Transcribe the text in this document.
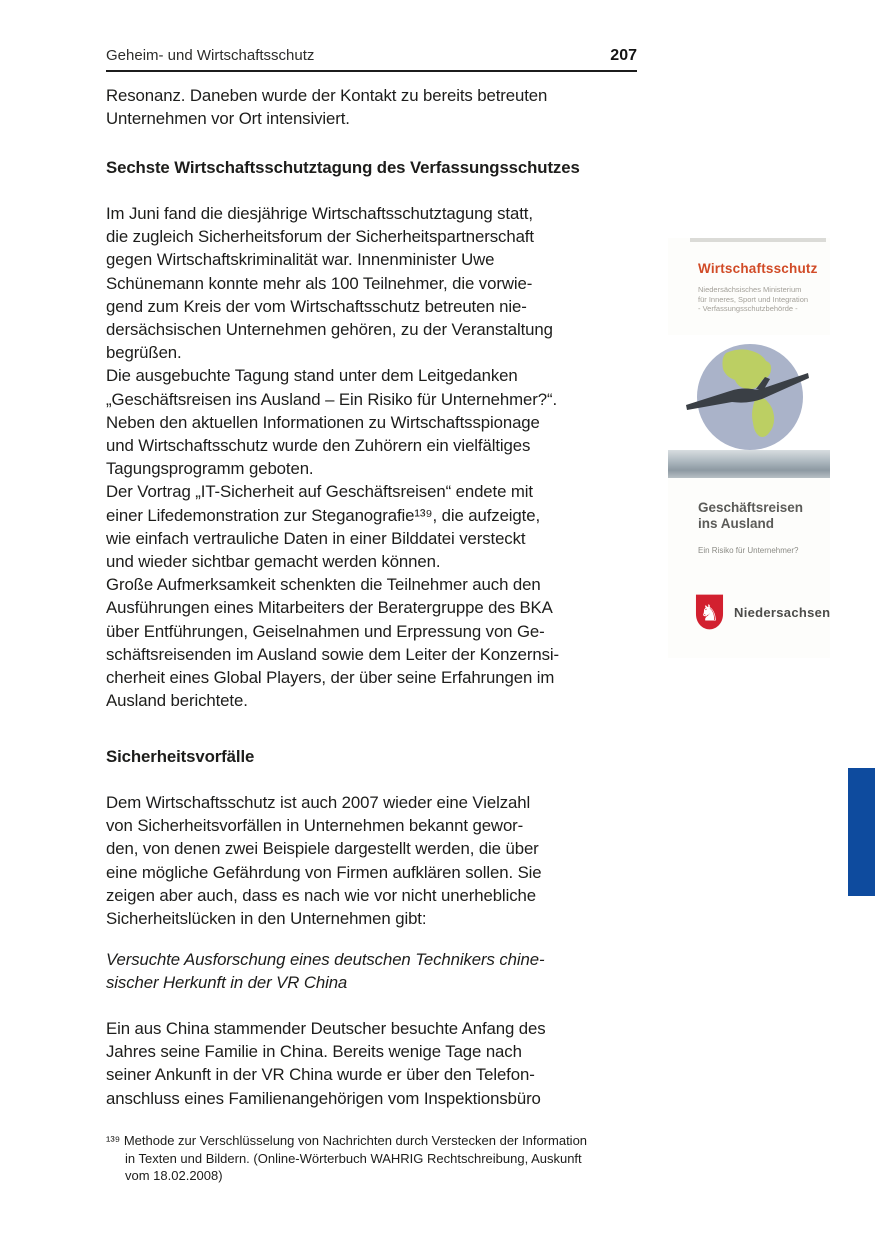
Geheim- und Wirtschaftsschutz	207
Resonanz. Daneben wurde der Kontakt zu bereits betreuten
Unternehmen vor Ort intensiviert.
Sechste Wirtschaftsschutztagung des Verfassungsschutzes
Im Juni fand die diesjährige Wirtschaftsschutztagung statt,
die zugleich Sicherheitsforum der Sicherheitspartnerschaft
gegen Wirtschaftskriminalität war. Innenminister Uwe
Schünemann konnte mehr als 100 Teilnehmer, die vorwie-
gend zum Kreis der vom Wirtschaftsschutz betreuten nie-
dersächsischen Unternehmen gehören, zu der Veranstaltung
begrüßen.
Die ausgebuchte Tagung stand unter dem Leitgedanken
„Geschäftsreisen ins Ausland – Ein Risiko für Unternehmer?“.
Neben den aktuellen Informationen zu Wirtschaftsspionage
und Wirtschaftsschutz wurde den Zuhörern ein vielfältiges
Tagungsprogramm geboten.
Der Vortrag „IT-Sicherheit auf Geschäftsreisen“ endete mit
einer Lifedemonstration zur Steganografie¹³⁹, die aufzeigte,
wie einfach vertrauliche Daten in einer Bilddatei versteckt
und wieder sichtbar gemacht werden können.
Große Aufmerksamkeit schenkten die Teilnehmer auch den
Ausführungen eines Mitarbeiters der Beratergruppe des BKA
über Entführungen, Geiselnahmen und Erpressung von Ge-
schäftsreisenden im Ausland sowie dem Leiter der Konzernsi-
cherheit eines Global Players, der über seine Erfahrungen im
Ausland berichtete.
Sicherheitsvorfälle
Dem Wirtschaftsschutz ist auch 2007 wieder eine Vielzahl
von Sicherheitsvorfällen in Unternehmen bekannt gewor-
den, von denen zwei Beispiele dargestellt werden, die über
eine mögliche Gefährdung von Firmen aufklären sollen. Sie
zeigen aber auch, dass es nach wie vor nicht unerhebliche
Sicherheitslücken in den Unternehmen gibt:
Versuchte Ausforschung eines deutschen Technikers chine-
sischer Herkunft in der VR China
Ein aus China stammender Deutscher besuchte Anfang des
Jahres seine Familie in China. Bereits wenige Tage nach
seiner Ankunft in der VR China wurde er über den Telefon-
anschluss eines Familienangehörigen vom Inspektionsbüro
¹³⁹ Methode zur Verschlüsselung von Nachrichten durch Verstecken der Information
in Texten und Bildern. (Online-Wörterbuch WAHRIG Rechtschreibung, Auskunft
vom 18.02.2008)
Wirtschaftsschutz
Niedersächsisches Ministerium
für Inneres, Sport und Integration
- Verfassungsschutzbehörde -
Geschäftsreisen
ins Ausland
Ein Risiko für Unternehmer?
♞ Niedersachsen
